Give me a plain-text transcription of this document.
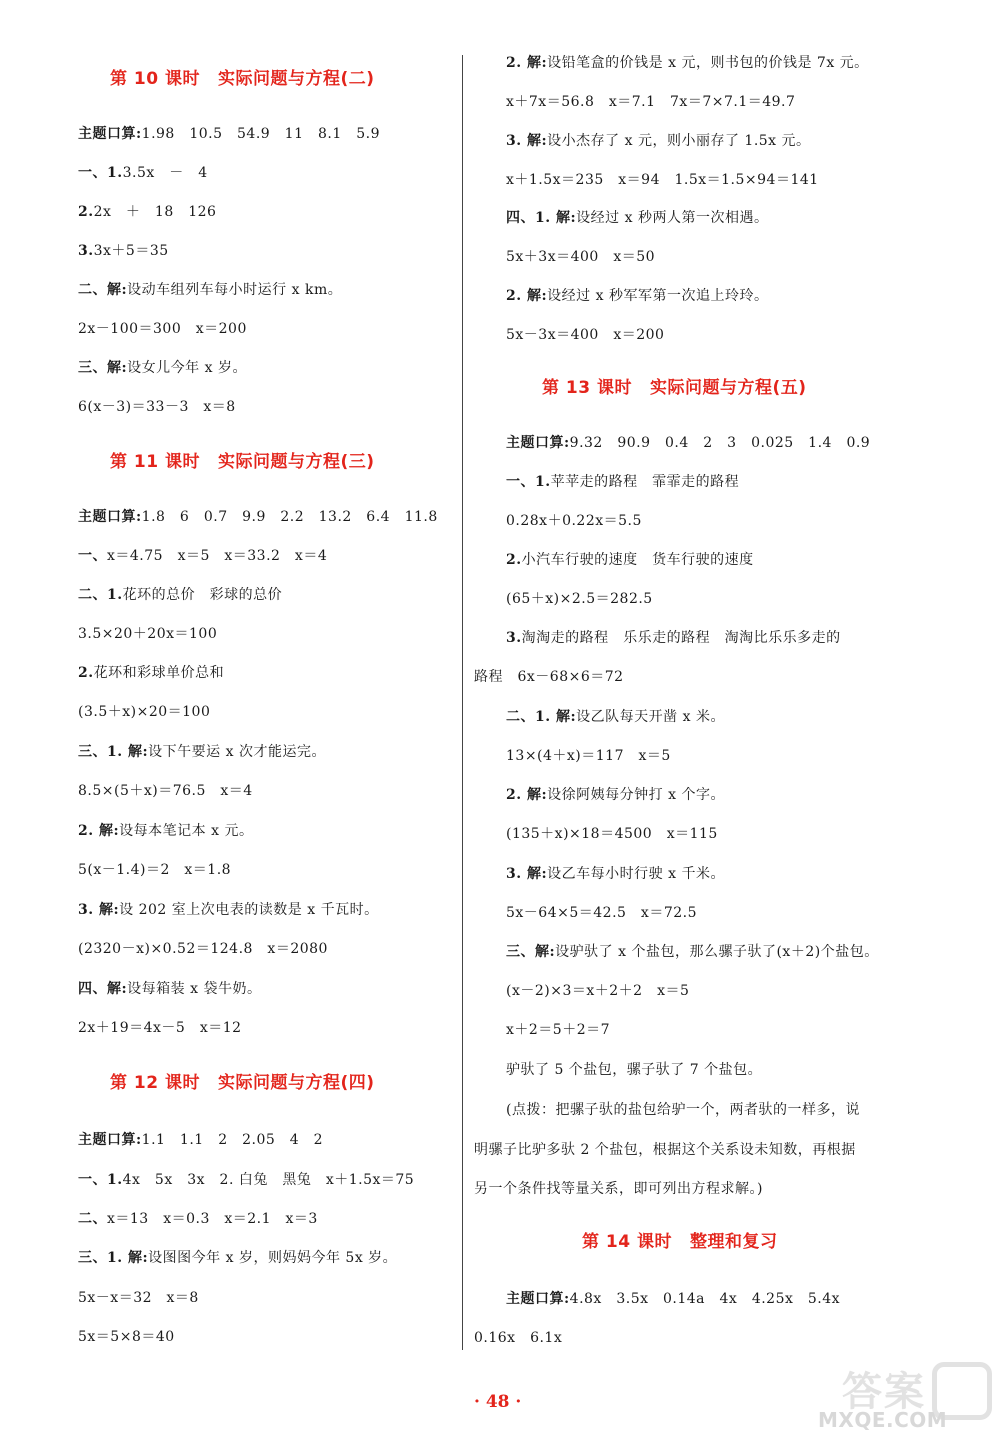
第 10 课时 实际问题与方程(二)
主题口算:1.98　10.5　54.9　11　8.1　5.9
一、1.3.5x　－　4
2.2x　＋　18　126
3.3x＋5＝35
二、解:设动车组列车每小时运行 x km。
2x－100＝300　x＝200
三、解:设女儿今年 x 岁。
6(x－3)＝33－3　x＝8
第 11 课时 实际问题与方程(三)
主题口算:1.8　6　0.7　9.9　2.2　13.2　6.4　11.8
一、x＝4.75　x＝5　x＝33.2　x＝4
二、1.花环的总价　彩球的总价
3.5×20＋20x＝100
2.花环和彩球单价总和
(3.5＋x)×20＝100
三、1. 解:设下午要运 x 次才能运完。
8.5×(5＋x)＝76.5　x＝4
2. 解:设每本笔记本 x 元。
5(x－1.4)＝2　x＝1.8
3. 解:设 202 室上次电表的读数是 x 千瓦时。
(2320－x)×0.52＝124.8　x＝2080
四、解:设每箱装 x 袋牛奶。
2x＋19＝4x－5　x＝12
第 12 课时 实际问题与方程(四)
主题口算:1.1　1.1　2　2.05　4　2
一、1.4x　5x　3x　2. 白兔　黑兔　x＋1.5x＝75
二、x＝13　x＝0.3　x＝2.1　x＝3
三、1. 解:设图图今年 x 岁，则妈妈今年 5x 岁。
5x－x＝32　x＝8
5x＝5×8＝40
2. 解:设铅笔盒的价钱是 x 元，则书包的价钱是 7x 元。
x＋7x＝56.8　x＝7.1　7x＝7×7.1＝49.7
3. 解:设小杰存了 x 元，则小丽存了 1.5x 元。
x＋1.5x＝235　x＝94　1.5x＝1.5×94＝141
四、1. 解:设经过 x 秒两人第一次相遇。
5x＋3x＝400　x＝50
2. 解:设经过 x 秒军军第一次追上玲玲。
5x－3x＝400　x＝200
第 13 课时 实际问题与方程(五)
主题口算:9.32　90.9　0.4　2　3　0.025　1.4　0.9
一、1.苹苹走的路程　霏霏走的路程
0.28x＋0.22x＝5.5
2.小汽车行驶的速度　货车行驶的速度
(65＋x)×2.5＝282.5
3.淘淘走的路程　乐乐走的路程　淘淘比乐乐多走的
路程　6x－68×6＝72
二、1. 解:设乙队每天开凿 x 米。
13×(4＋x)＝117　x＝5
2. 解:设徐阿姨每分钟打 x 个字。
(135＋x)×18＝4500　x＝115
3. 解:设乙车每小时行驶 x 千米。
5x－64×5＝42.5　x＝72.5
三、解:设驴驮了 x 个盐包，那么骡子驮了(x＋2)个盐包。
(x－2)×3＝x＋2＋2　x＝5
x＋2＝5＋2＝7
驴驮了 5 个盐包，骡子驮了 7 个盐包。
(点拨：把骡子驮的盐包给驴一个，两者驮的一样多，说
明骡子比驴多驮 2 个盐包，根据这个关系设未知数，再根据
另一个条件找等量关系，即可列出方程求解。)
第 14 课时 整理和复习
主题口算:4.8x　3.5x　0.14a　4x　4.25x　5.4x
0.16x　6.1x
· 48 ·	答案
MXQE.COM
